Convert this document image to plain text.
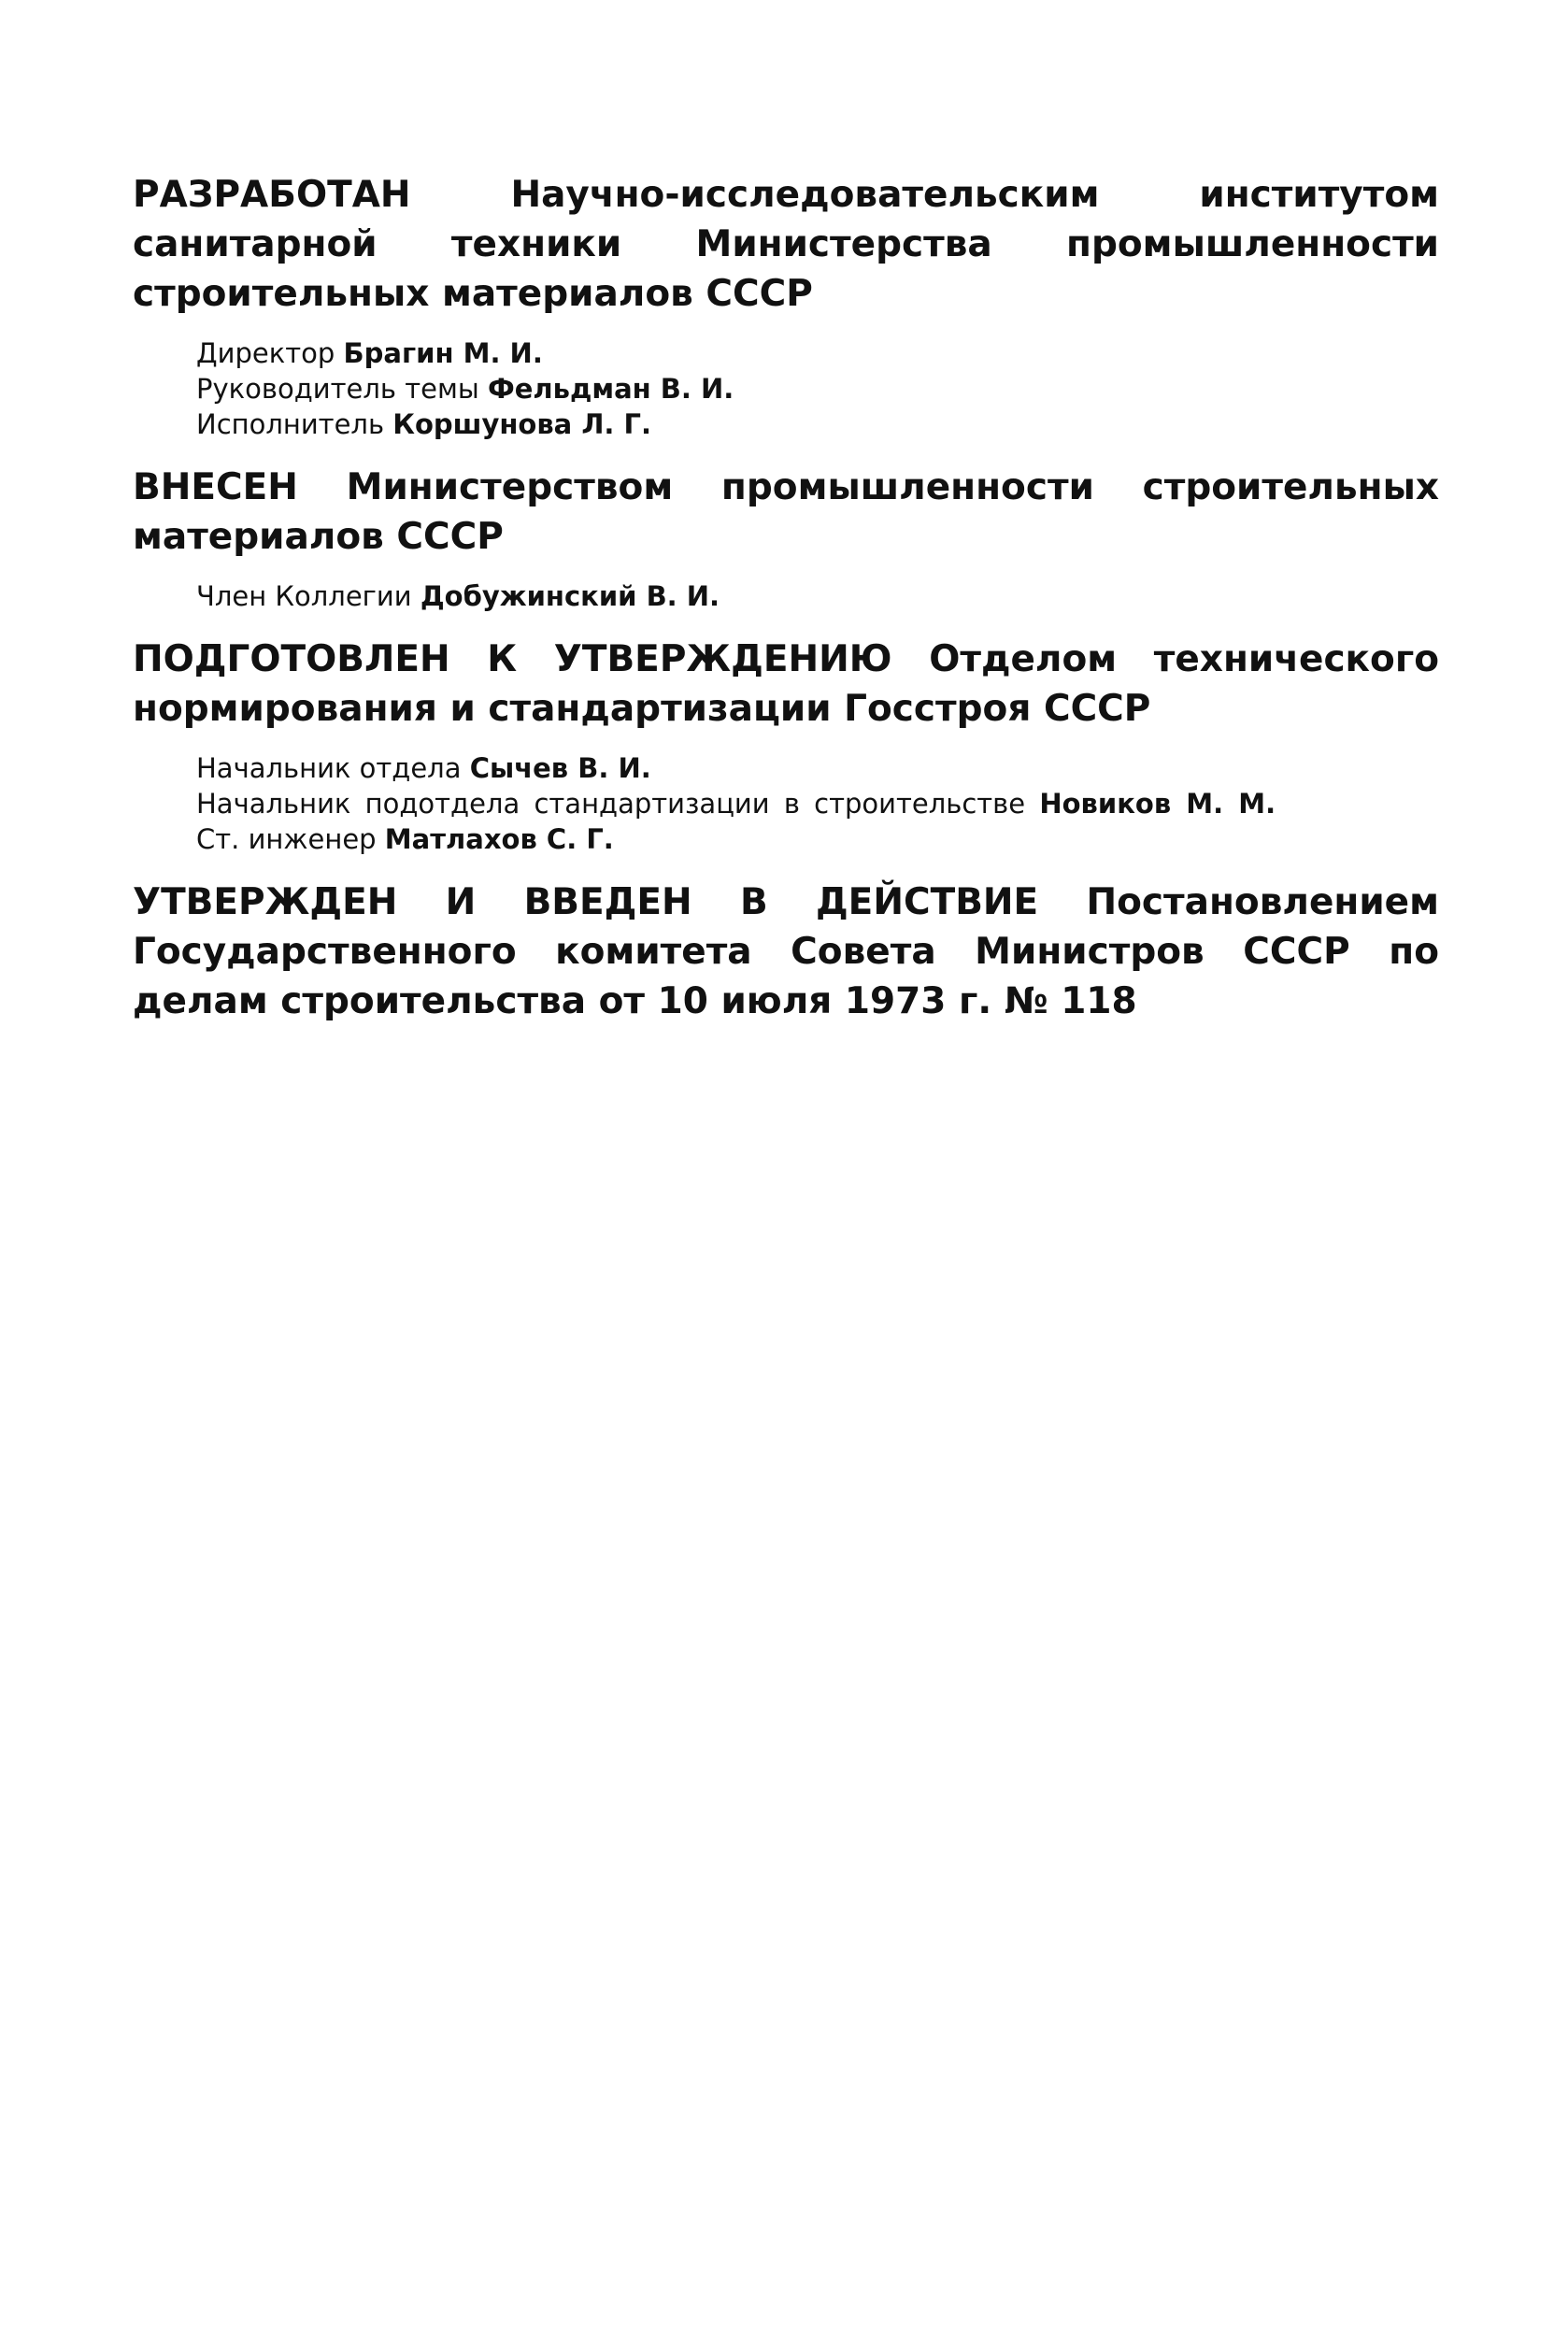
РАЗРАБОТАН	Научно-исследовательским институтом санитарной техники Министерства промышленности строительных материалов СССР

Директор Брагин М. И.

Руководитель темы Фельдман В. И.

Исполнитель Коршунова Л. Г.

ВНЕСЕН Министерством промышленности строительных материалов СССР

Член Коллегии Добужинский В. И.

ПОДГОТОВЛЕН К УТВЕРЖДЕНИЮ Отделом технического нормирования и стандартизации Госстроя СССР

Начальник отдела Сычев В. И.

Начальник подотдела стандартизации в строительстве Новиков М. М.

Ст. инженер Матлахов С. Г.

УТВЕРЖДЕН И ВВЕДЕН В ДЕЙСТВИЕ Постановлением Государственного комитета Совета Министров СССР по делам строительства от 10 июля 1973 г. № 118
